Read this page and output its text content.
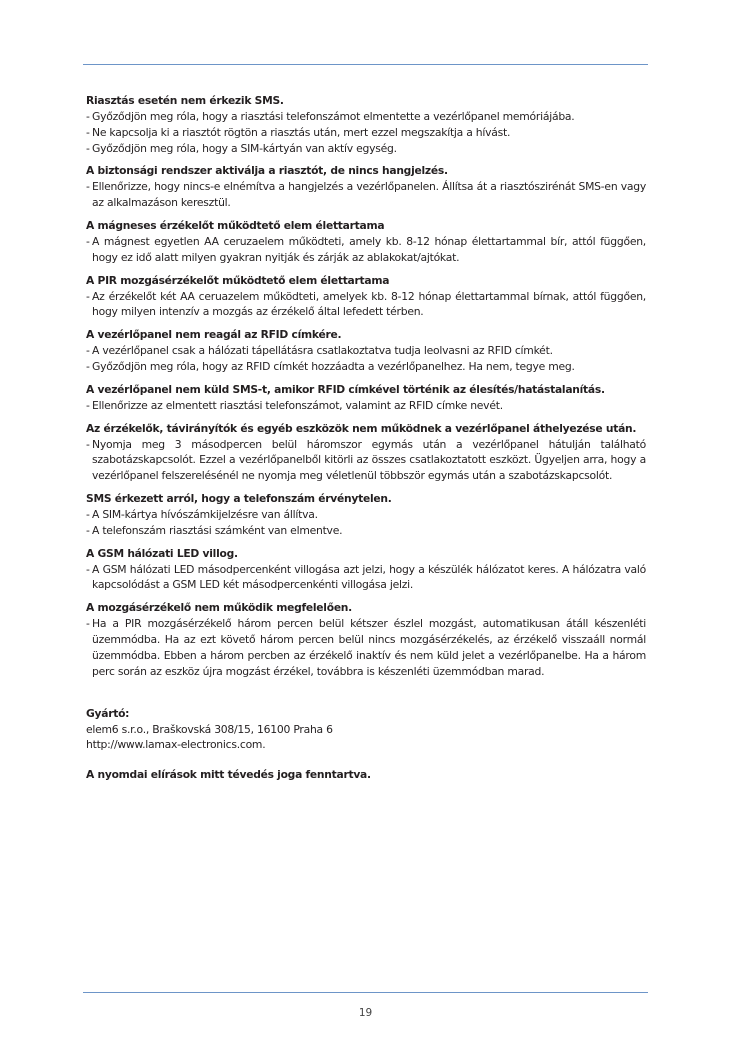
Riasztás esetén nem érkezik SMS.
- Győződjön meg róla, hogy a riasztási telefonszámot elmentette a vezérlőpanel memóriájába.
- Ne kapcsolja ki a riasztót rögtön a riasztás után, mert ezzel megszakítja a hívást.
- Győződjön meg róla, hogy a SIM-kártyán van aktív egység.
A biztonsági rendszer aktiválja a riasztót, de nincs hangjelzés.
- Ellenőrizze, hogy nincs-e elnémítva a hangjelzés a vezérlőpanelen. Állítsa át a riasztószirénát SMS-en vagy az alkalmazáson keresztül.
A mágneses érzékelőt működtető elem élettartama
- A mágnest egyetlen AA ceruzaelem működteti, amely kb. 8-12 hónap élettartammal bír, attól függően, hogy ez idő alatt milyen gyakran nyitják és zárják az ablakokat/ajtókat.
A PIR mozgásérzékelőt működtető elem élettartama
- Az érzékelőt két AA ceruazelem működteti, amelyek kb. 8-12 hónap élettartammal bírnak, attól függően, hogy milyen intenzív a mozgás az érzékelő által lefedett térben.
A vezérlőpanel nem reagál az RFID címkére.
- A vezérlőpanel csak a hálózati tápellátásra csatlakoztatva tudja leolvasni az RFID címkét.
- Győződjön meg róla, hogy az RFID címkét hozzáadta a vezérlőpanelhez. Ha nem, tegye meg.
A vezérlőpanel nem küld SMS-t, amikor RFID címkével történik az élesítés/hatástalanítás.
- Ellenőrizze az elmentett riasztási telefonszámot, valamint az RFID címke nevét.
Az érzékelők, távirányítók és egyéb eszközök nem működnek a vezérlőpanel áthelyezése után.
- Nyomja meg 3 másodpercen belül háromszor egymás után a vezérlőpanel hátulján található szabotázskapcsolót. Ezzel a vezérlőpanelből kitörli az összes csatlakoztatott eszközt. Ügyeljen arra, hogy a vezérlőpanel felszerelésénél ne nyomja meg véletlenül többször egymás után a szabotázskapcsolót.
SMS érkezett arról, hogy a telefonszám érvénytelen.
- A SIM-kártya hívószámkijelzésre van állítva.
- A telefonszám riasztási számként van elmentve.
A GSM hálózati LED villog.
- A GSM hálózati LED másodpercenként villogása azt jelzi, hogy a készülék hálózatot keres. A hálózatra való kapcsolódást a GSM LED két másodpercenkénti villogása jelzi.
A mozgásérzékelő nem működik megfelelően.
- Ha a PIR mozgásérzékelő három percen belül kétszer észlel mozgást, automatikusan átáll készenléti üzemmódba. Ha az ezt követő három percen belül nincs mozgásérzékelés, az érzékelő visszaáll normál üzemmódba. Ebben a három percben az érzékelő inaktív és nem küld jelet a vezérlőpanelbe. Ha a három perc során az eszköz újra mogzást érzékel, továbbra is készenléti üzemmódban marad.
Gyártó:
elem6 s.r.o., Braškovská 308/15, 16100 Praha 6
http://www.lamax-electronics.com.
A nyomdai elírások mitt tévedés joga fenntartva.
19
